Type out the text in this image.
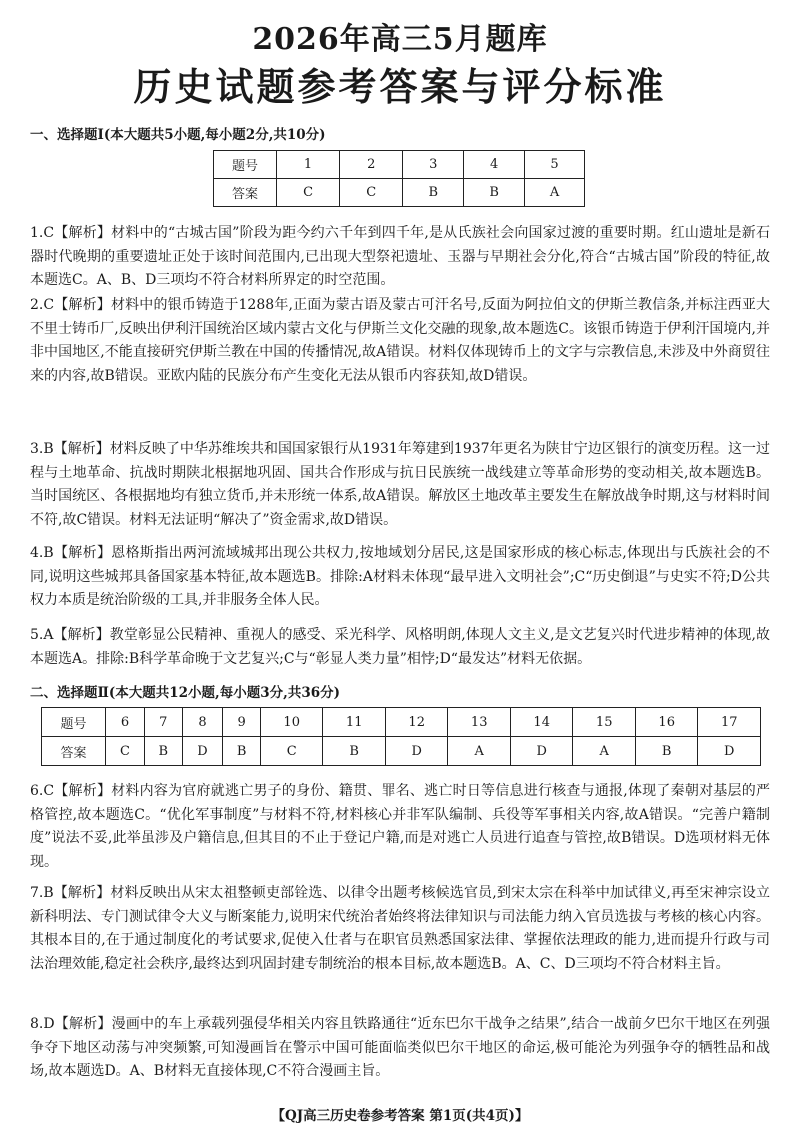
2026年高三5月题库
历史试题参考答案与评分标准
一、选择题Ⅰ(本大题共5小题,每小题2分,共10分)
题号	1	2	3	4	5
答案	C	C	B	B	A
1.C【解析】材料中的“古城古国”阶段为距今约六千年到四千年,是从氏族社会向国家过渡的重要时期。红山遗址是新石器时代晚期的重要遗址正处于该时间范围内,已出现大型祭祀遗址、玉器与早期社会分化,符合“古城古国”阶段的特征,故本题选C。A、B、D三项均不符合材料所界定的时空范围。
2.C【解析】材料中的银币铸造于1288年,正面为蒙古语及蒙古可汗名号,反面为阿拉伯文的伊斯兰教信条,并标注西亚大不里士铸币厂,反映出伊利汗国统治区域内蒙古文化与伊斯兰文化交融的现象,故本题选C。该银币铸造于伊利汗国境内,并非中国地区,不能直接研究伊斯兰教在中国的传播情况,故A错误。材料仅体现铸币上的文字与宗教信息,未涉及中外商贸往来的内容,故B错误。亚欧内陆的民族分布产生变化无法从银币内容获知,故D错误。
3.B【解析】材料反映了中华苏维埃共和国国家银行从1931年筹建到1937年更名为陕甘宁边区银行的演变历程。这一过程与土地革命、抗战时期陕北根据地巩固、国共合作形成与抗日民族统一战线建立等革命形势的变动相关,故本题选B。当时国统区、各根据地均有独立货币,并未形统一体系,故A错误。解放区土地改革主要发生在解放战争时期,这与材料时间不符,故C错误。材料无法证明“解决了”资金需求,故D错误。
4.B【解析】恩格斯指出两河流域城邦出现公共权力,按地域划分居民,这是国家形成的核心标志,体现出与氏族社会的不同,说明这些城邦具备国家基本特征,故本题选B。排除:A材料未体现“最早进入文明社会”;C“历史倒退”与史实不符;D公共权力本质是统治阶级的工具,并非服务全体人民。
5.A【解析】教堂彰显公民精神、重视人的感受、采光科学、风格明朗,体现人文主义,是文艺复兴时代进步精神的体现,故本题选A。排除:B科学革命晚于文艺复兴;C与“彰显人类力量”相悖;D“最发达”材料无依据。
二、选择题Ⅱ(本大题共12小题,每小题3分,共36分)
题号	6	7	8	9	10	11	12	13	14	15	16	17
答案	C	B	D	B	C	B	D	A	D	A	B	D
6.C【解析】材料内容为官府就逃亡男子的身份、籍贯、罪名、逃亡时日等信息进行核查与通报,体现了秦朝对基层的严格管控,故本题选C。“优化军事制度”与材料不符,材料核心并非军队编制、兵役等军事相关内容,故A错误。“完善户籍制度”说法不妥,此举虽涉及户籍信息,但其目的不止于登记户籍,而是对逃亡人员进行追查与管控,故B错误。D选项材料无体现。
7.B【解析】材料反映出从宋太祖整顿吏部铨选、以律令出题考核候选官员,到宋太宗在科举中加试律义,再至宋神宗设立新科明法、专门测试律令大义与断案能力,说明宋代统治者始终将法律知识与司法能力纳入官员选拔与考核的核心内容。其根本目的,在于通过制度化的考试要求,促使入仕者与在职官员熟悉国家法律、掌握依法理政的能力,进而提升行政与司法治理效能,稳定社会秩序,最终达到巩固封建专制统治的根本目标,故本题选B。A、C、D三项均不符合材料主旨。
8.D【解析】漫画中的车上承载列强侵华相关内容且铁路通往“近东巴尔干战争之结果”,结合一战前夕巴尔干地区在列强争夺下地区动荡与冲突频繁,可知漫画旨在警示中国可能面临类似巴尔干地区的命运,极可能沦为列强争夺的牺牲品和战场,故本题选D。A、B材料无直接体现,C不符合漫画主旨。
【QJ高三历史卷参考答案 第1页(共4页)】
